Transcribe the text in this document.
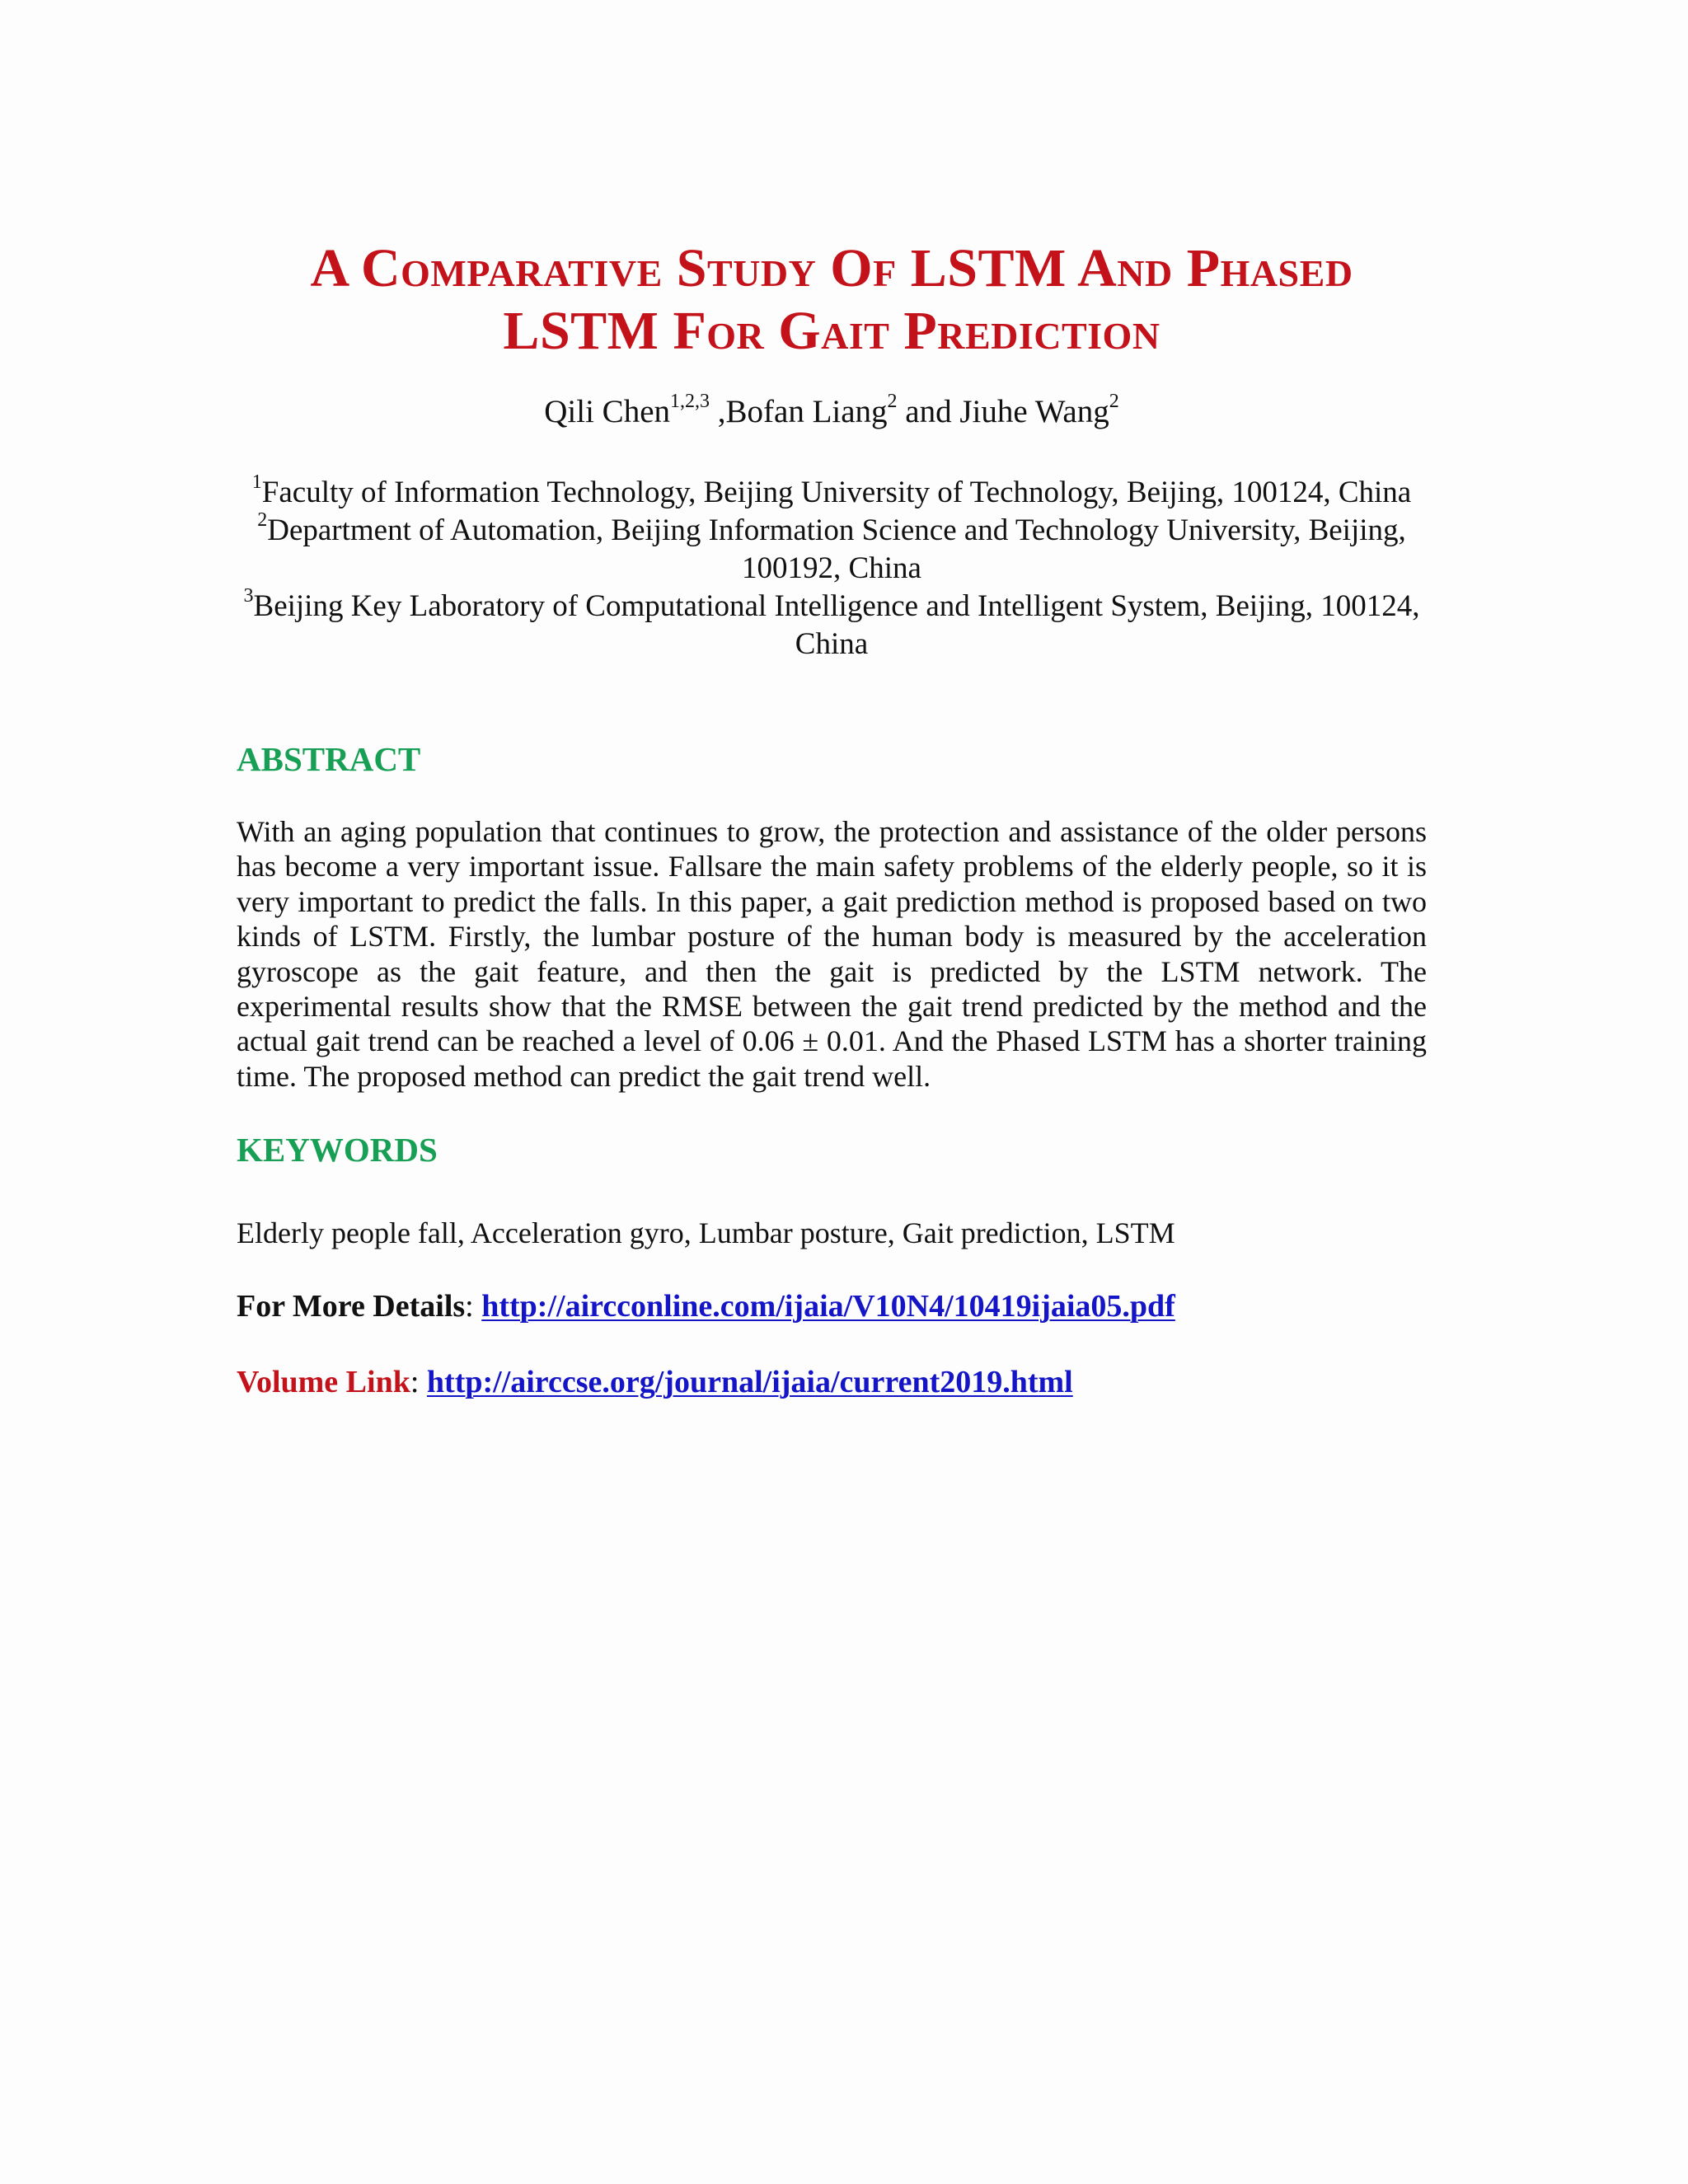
A Comparative Study Of LSTM And Phased
LSTM For Gait Prediction
Qili Chen$^{1,2,3}$ ,Bofan Liang$^2$ and Jiuhe Wang$^2$
$^1$Faculty of Information Technology, Beijing University of Technology, Beijing, 100124, China
$^2$Department of Automation, Beijing Information Science and Technology University, Beijing, 100192, China
$^3$Beijing Key Laboratory of Computational Intelligence and Intelligent System, Beijing, 100124, China
ABSTRACT
With an aging population that continues to grow, the protection and assistance of the older persons has become a very important issue. Fallsare the main safety problems of the elderly people, so it is very important to predict the falls. In this paper, a gait prediction method is proposed based on two kinds of LSTM. Firstly, the lumbar posture of the human body is measured by the acceleration gyroscope as the gait feature, and then the gait is predicted by the LSTM network. The experimental results show that the RMSE between the gait trend predicted by the method and the actual gait trend can be reached a level of 0.06 ± 0.01. And the Phased LSTM has a shorter training time. The proposed method can predict the gait trend well.
KEYWORDS
Elderly people fall, Acceleration gyro, Lumbar posture, Gait prediction, LSTM
For More Details: http://aircconline.com/ijaia/V10N4/10419ijaia05.pdf
Volume Link: http://airccse.org/journal/ijaia/current2019.html
